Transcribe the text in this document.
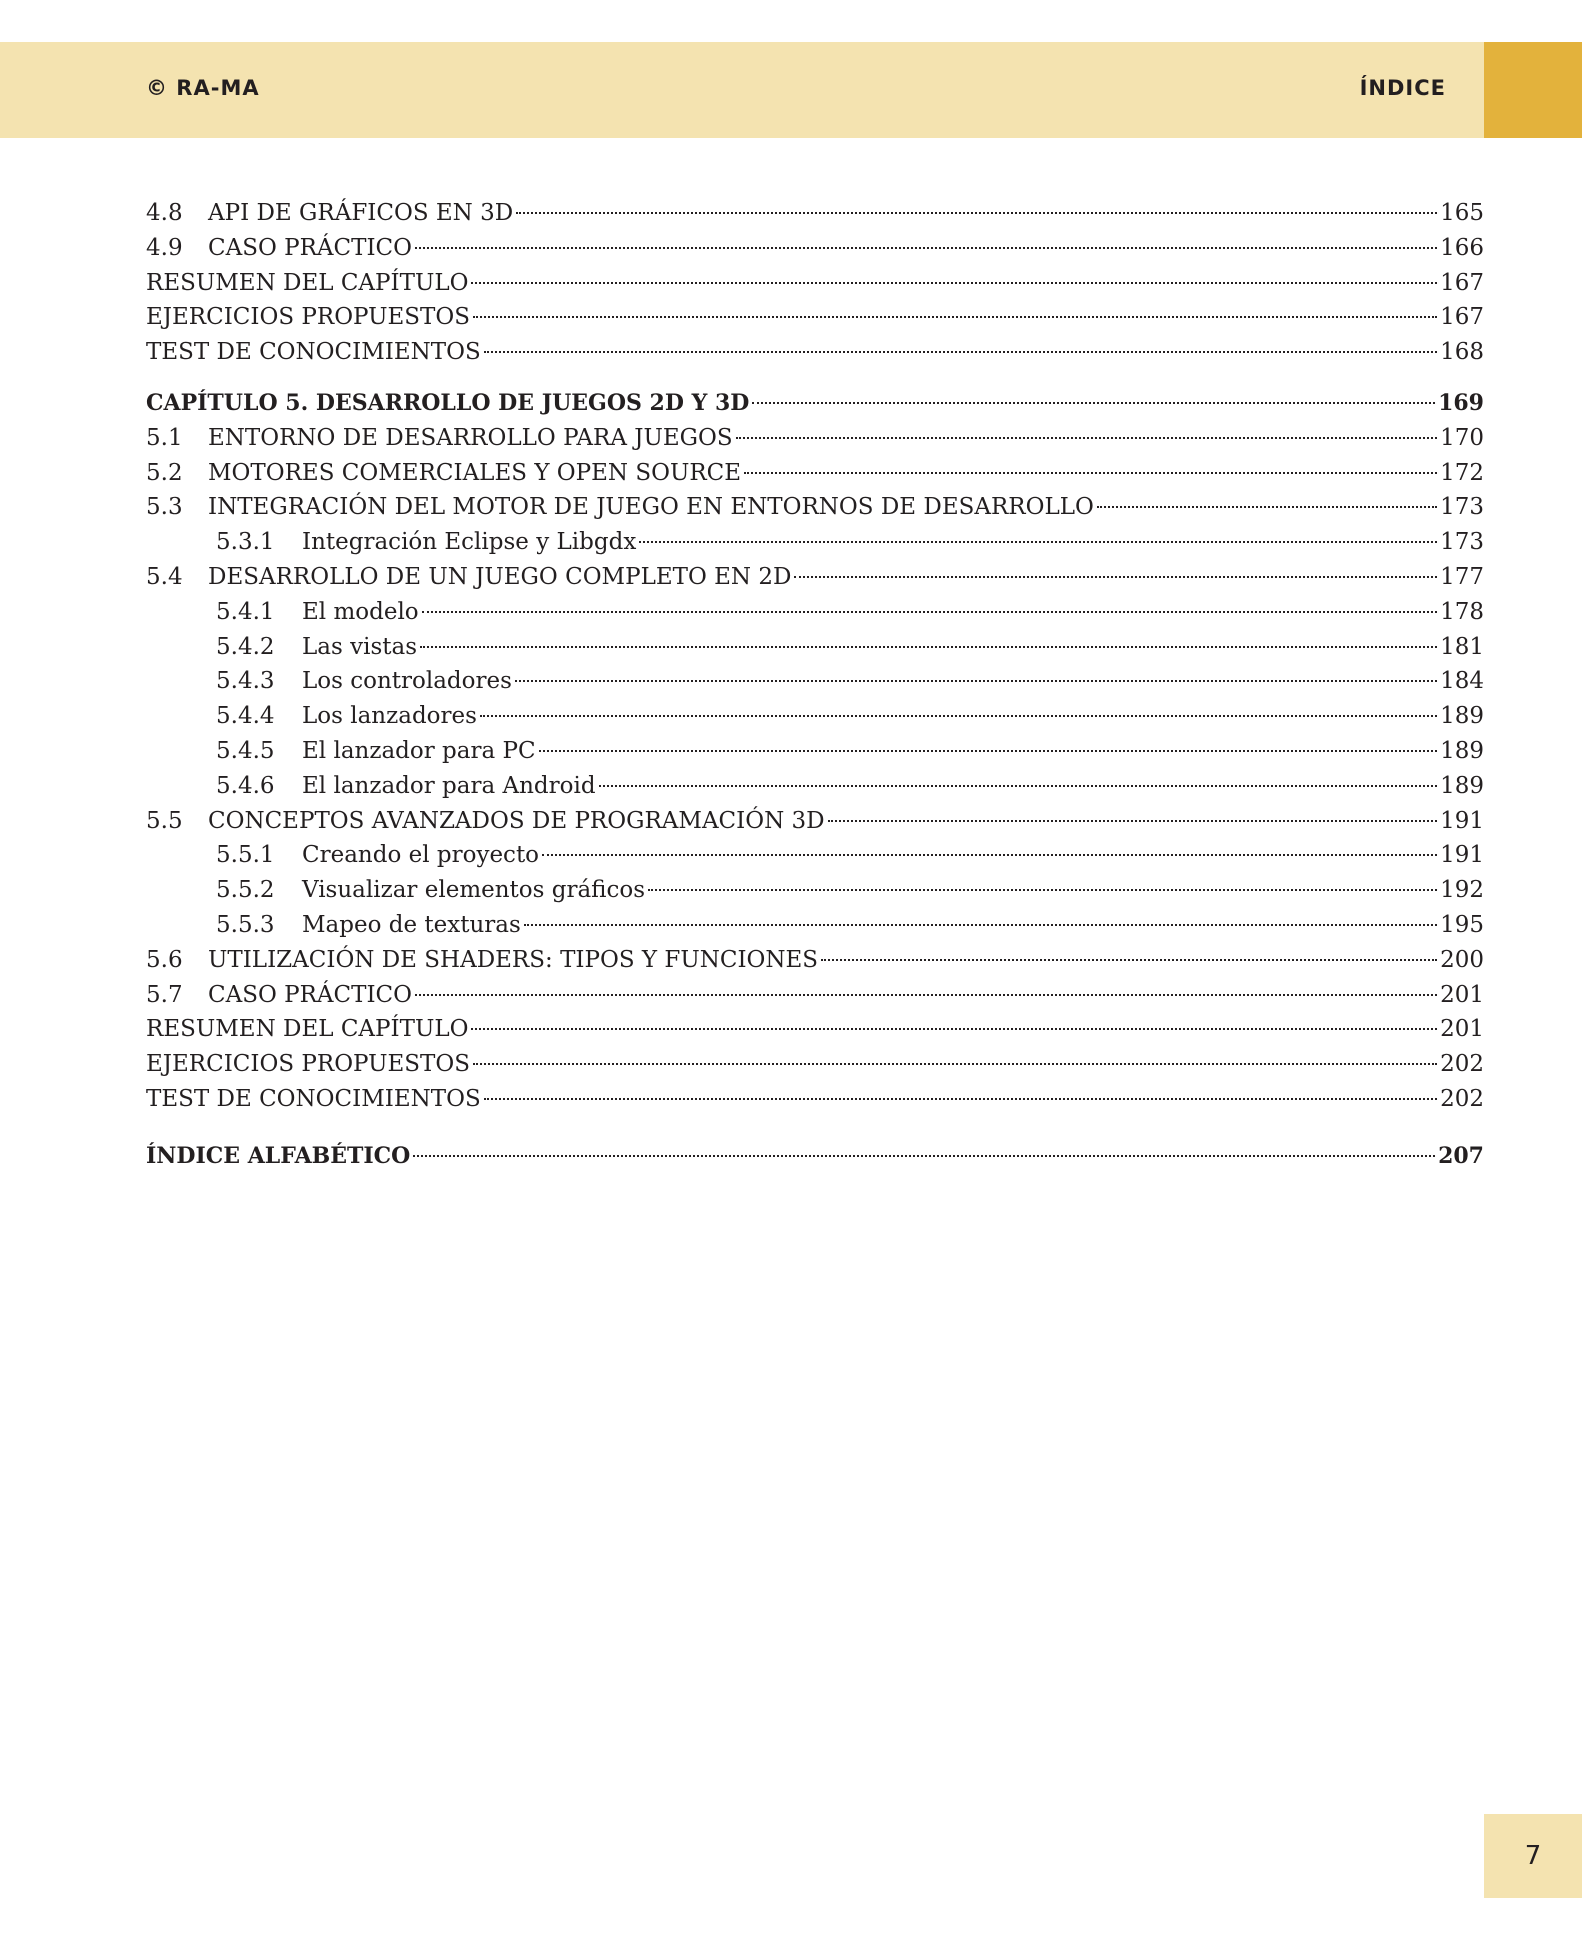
© RA-MA	ÍNDICE
4.8	API DE GRÁFICOS EN 3D	165
4.9	CASO PRÁCTICO	166
RESUMEN DEL CAPÍTULO	167
EJERCICIOS PROPUESTOS	167
TEST DE CONOCIMIENTOS	168
CAPÍTULO 5. DESARROLLO DE JUEGOS 2D Y 3D	169
5.1	ENTORNO DE DESARROLLO PARA JUEGOS	170
5.2	MOTORES COMERCIALES Y OPEN SOURCE	172
5.3	INTEGRACIÓN DEL MOTOR DE JUEGO EN ENTORNOS DE DESARROLLO	173
5.3.1	Integración Eclipse y Libgdx	173
5.4	DESARROLLO DE UN JUEGO COMPLETO EN 2D	177
5.4.1	El modelo	178
5.4.2	Las vistas	181
5.4.3	Los controladores	184
5.4.4	Los lanzadores	189
5.4.5	El lanzador para PC	189
5.4.6	El lanzador para Android	189
5.5	CONCEPTOS AVANZADOS DE PROGRAMACIÓN 3D	191
5.5.1	Creando el proyecto	191
5.5.2	Visualizar elementos gráficos	192
5.5.3	Mapeo de texturas	195
5.6	UTILIZACIÓN DE SHADERS: TIPOS Y FUNCIONES	200
5.7	CASO PRÁCTICO	201
RESUMEN DEL CAPÍTULO	201
EJERCICIOS PROPUESTOS	202
TEST DE CONOCIMIENTOS	202
ÍNDICE ALFABÉTICO	207
7
